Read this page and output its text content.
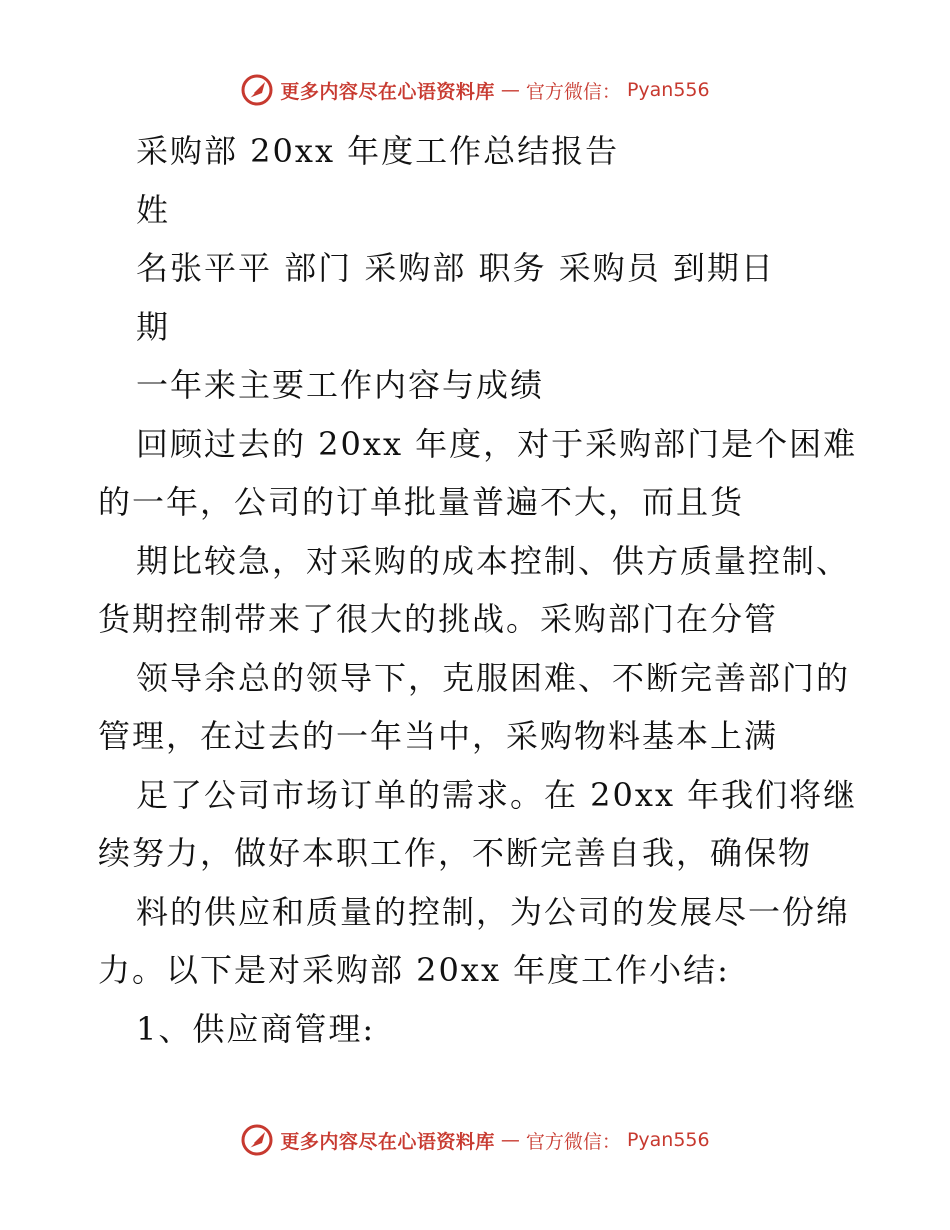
更多内容尽在心语资料库 — 官方微信： Pyan556
采购部 20xx 年度工作总结报告
姓
名张平平 部门 采购部 职务 采购员 到期日
期
一年来主要工作内容与成绩
回顾过去的 20xx 年度，对于采购部门是个困难
的一年，公司的订单批量普遍不大，而且货
期比较急，对采购的成本控制、供方质量控制、
货期控制带来了很大的挑战。采购部门在分管
领导余总的领导下，克服困难、不断完善部门的
管理，在过去的一年当中，采购物料基本上满
足了公司市场订单的需求。在 20xx 年我们将继
续努力，做好本职工作，不断完善自我，确保物
料的供应和质量的控制，为公司的发展尽一份绵
力。以下是对采购部 20xx 年度工作小结:
1、供应商管理:
更多内容尽在心语资料库 — 官方微信： Pyan556
